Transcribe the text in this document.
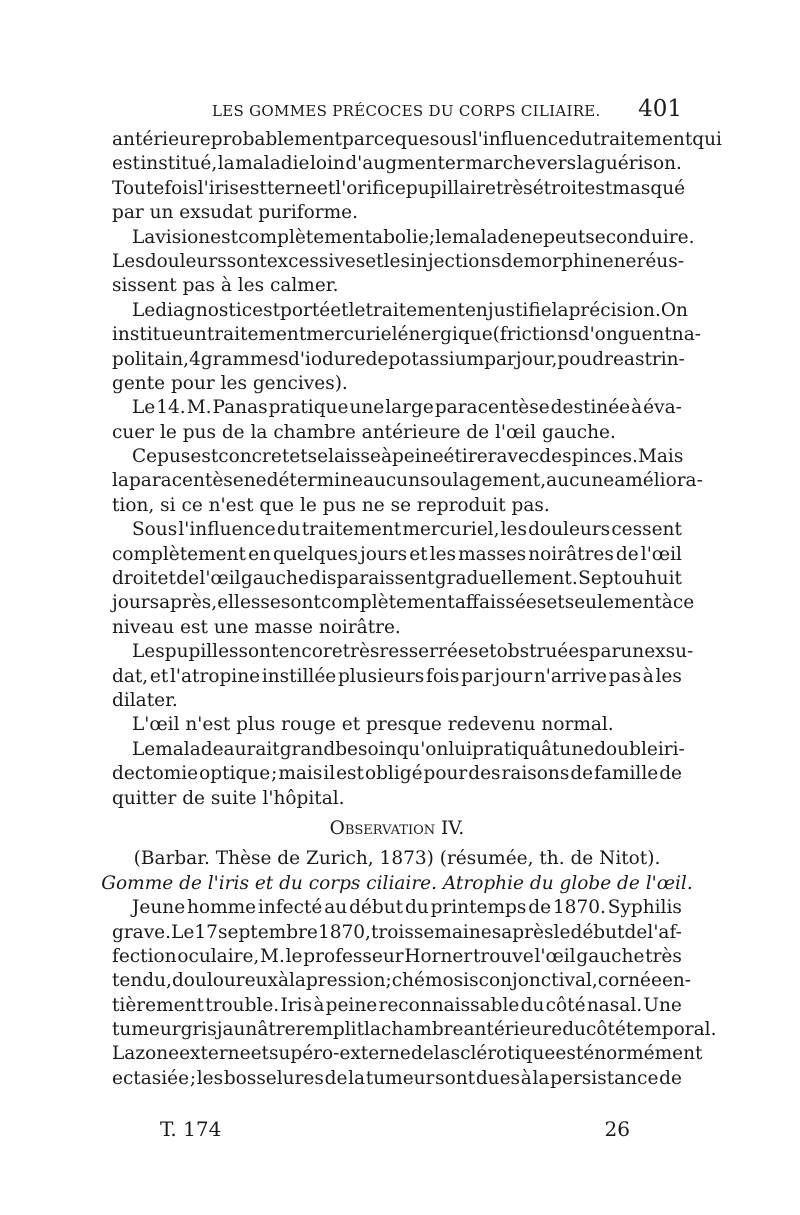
LES GOMMES PRÉCOCES DU CORPS CILIAIRE. 401
antérieure probablement parce que sous l'influence du traitement qui
est institué, la maladie loin d'augmenter marche vers la guérison.
Toutefois l'iris est terne et l'orifice pupillaire très étroit est masqué
par un exsudat puriforme.
La vision est complètement abolie ; le malade ne peut se conduire.
Les douleurs sont excessives et les injections de morphine ne réus-
sissent pas à les calmer.
Le diagnostic est porté et le traitement en justifie la précision.On
institue un traitement mercuriel énergique (frictions d'onguent na-
politain, 4 grammes d'iodure de potassium par jour, poudre astrin-
gente pour les gencives).
Le 14. M. Panas pratique une large paracentèse destinée à éva-
cuer le pus de la chambre antérieure de l'œil gauche.
Ce pus est concret et se laisse à peine étirer avec des pinces. Mais
la paracentèse ne détermine aucun soulagement, aucune améliora-
tion, si ce n'est que le pus ne se reproduit pas.
Sous l'influence du traitement mercuriel, les douleurs cessent
complètement en quelques jours et les masses noirâtres de l'œil
droit et de l'œil gauche disparaissent graduellement. Sept ou huit
jours après, elles se sont complètement affaissées et seulement à ce
niveau est une masse noirâtre.
Les pupilles sont encore très resserrées et obstruées par un exsu-
dat, et l'atropine instillée plusieurs fois par jour n'arrive pas à les
dilater.
L'œil n'est plus rouge et presque redevenu normal.
Le malade aurait grand besoin qu'on lui pratiquât une double iri-
dectomie optique ; mais il est obligé pour des raisons de famille de
quitter de suite l'hôpital.
Observation IV.
(Barbar. Thèse de Zurich, 1873) (résumée, th. de Nitot).
Gomme de l'iris et du corps ciliaire. Atrophie du globe de l'œil.
Jeune homme infecté au début du printemps de 1870. Syphilis
grave. Le 17 septembre 1870, trois semaines après le début de l'af-
fection oculaire, M. le professeur Horner trouve l'œil gauche très
tendu, douloureux à la pression ; chémosis conjonctival, cornée en-
tièrement trouble. Iris à peine reconnaissable du côté nasal. Une
tumeur gris jaunâtre remplit la chambre antérieure du côté temporal.
La zone externe et supéro-externe de la sclérotique est énormément
ectasiée ; les bosselures de la tumeur sont dues à la persistance de
T. 174	26
